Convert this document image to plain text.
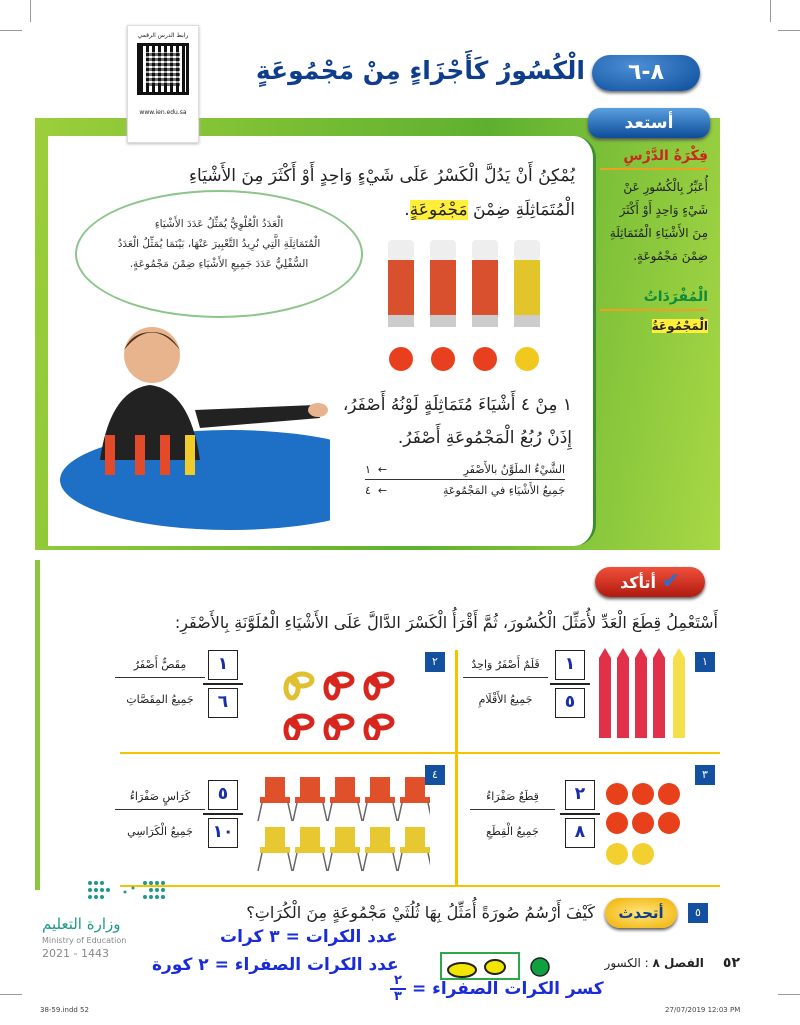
رابط الدرس الرقمي
www.ien.edu.sa
٨-٦
الْكُسُورُ كَأَجْزَاءٍ مِنْ مَجْمُوعَةٍ
أستعد
يُمْكِنُ أَنْ يَدُلَّ الْكَسْرُ عَلَى شَيْءٍ وَاحِدٍ أَوْ أَكْثَرَ مِنَ الأَشْيَاءِ
الْمُتَمَاثِلَةِ ضِمْنَ مَجْمُوعَةٍ.
الْعَدَدُ الْعُلْوِيُّ يُمَثِّلُ عَدَدَ الأَشْيَاءِ
الْمُتَمَاثِلَةِ الَّتِي نُرِيدُ التَّعْبِيرَ عَنْهَا، بَيْنَمَا يُمَثِّلُ الْعَدَدُ
السُّفْلِيُّ عَدَدَ جَمِيعِ الأَشْيَاءِ ضِمْنَ مَجْمُوعَةٍ.
١ مِنْ ٤ أَشْيَاءَ مُتَمَاثِلَةٍ لَوْنُهُ أَصْفَرُ،
إِذَنْ رُبُعُ الْمَجْمُوعَةِ أَصْفَرُ.
الشَّيْءُ الملَوَّنُ بالأَصْفَرِ
←  ١
جَمِيعُ الأَشْيَاءِ في المَجْمُوعَةِ
←  ٤
فِكْرَةُ الدَّرْسِ
أُعَبِّرُ بِالْكُسُورِ عَنْ
شَيْءٍ وَاحِدٍ أَوْ أَكْثَرَ
مِنَ الأَشْيَاءِ الْمُتَمَاثِلَةِ
ضِمْنَ مَجْمُوعَةٍ.
الْمُفْرَدَاتُ
الْمَجْمُوعَةُ
أتأكد ✔
أَسْتَعْمِلُ قِطَعَ الْعَدِّ لأُمَثِّلَ الْكُسُورَ، ثُمَّ أَقْرَأُ الْكَسْرَ الدَّالَّ عَلَى الأَشْيَاءِ الْمُلَوَّنَةِ بِالأَصْفَرِ:
١
١
٥
قَلَمٌ أَصْفَرُ وَاحِدٌ
جَمِيعُ الأَقْلَامِ
٢
١
٦
مِقَصٌّ أَصْفَرُ
جَمِيعُ المِقَصَّاتِ
٣
٢
٨
قِطَعٌ صَفْرَاءُ
جَمِيعُ الْقِطَعِ
٤
٥
١٠
كَرَاسٍ صَفْرَاءُ
جَمِيعُ الْكَرَاسِي
٥
أتحدث
كَيْفَ أَرْسُمُ صُورَةً أُمَثِّلُ بِهَا ثُلُثَيْ مَجْمُوعَةٍ مِنَ الْكُرَاتِ؟
عدد الكرات = ٣ كرات
عدد الكرات الصفراء = ٢ كورة
كسر الكرات الصفراء =
٢
٣
وزارة التعليم
Ministry of Education
2021 - 1443
٥٢     الفصل ٨ : الكسور
38-59.indd 52	27/07/2019 12:03 PM
